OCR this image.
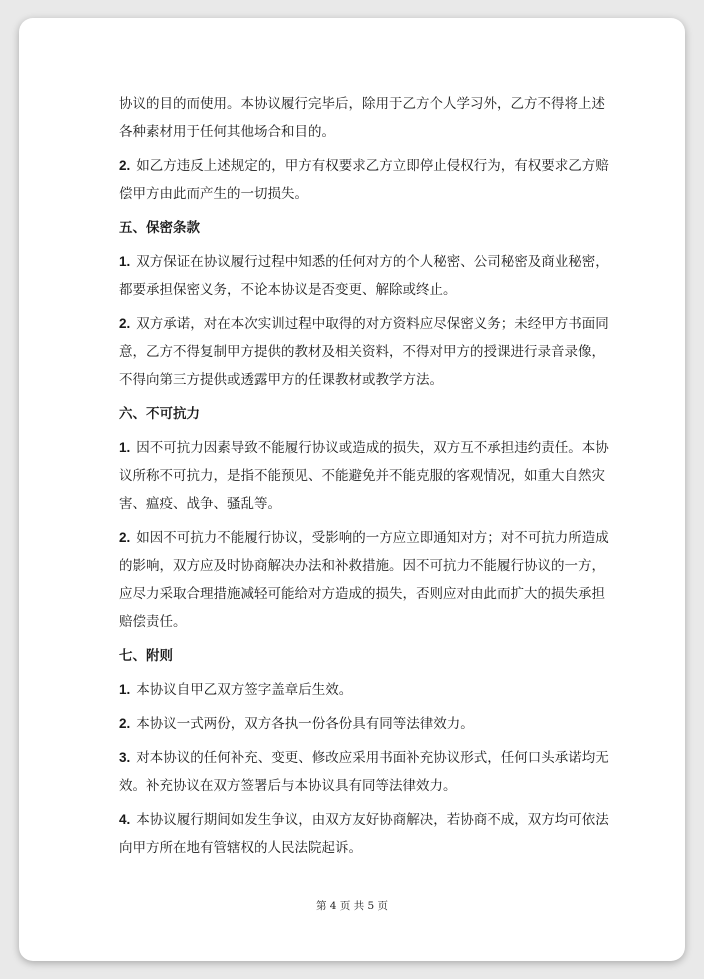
协议的目的而使用。本协议履行完毕后，除用于乙方个人学习外，乙方不得将上述各种素材用于任何其他场合和目的。
2. 如乙方违反上述规定的，甲方有权要求乙方立即停止侵权行为，有权要求乙方赔偿甲方由此而产生的一切损失。
五、保密条款
1. 双方保证在协议履行过程中知悉的任何对方的个人秘密、公司秘密及商业秘密，都要承担保密义务，不论本协议是否变更、解除或终止。
2. 双方承诺，对在本次实训过程中取得的对方资料应尽保密义务；未经甲方书面同意，乙方不得复制甲方提供的教材及相关资料，不得对甲方的授课进行录音录像，不得向第三方提供或透露甲方的任课教材或教学方法。
六、不可抗力
1. 因不可抗力因素导致不能履行协议或造成的损失，双方互不承担违约责任。本协议所称不可抗力，是指不能预见、不能避免并不能克服的客观情况，如重大自然灾害、瘟疫、战争、骚乱等。
2. 如因不可抗力不能履行协议，受影响的一方应立即通知对方；对不可抗力所造成的影响，双方应及时协商解决办法和补救措施。因不可抗力不能履行协议的一方，应尽力采取合理措施减轻可能给对方造成的损失，否则应对由此而扩大的损失承担赔偿责任。
七、附则
1. 本协议自甲乙双方签字盖章后生效。
2. 本协议一式两份，双方各执一份各份具有同等法律效力。
3. 对本协议的任何补充、变更、修改应采用书面补充协议形式，任何口头承诺均无效。补充协议在双方签署后与本协议具有同等法律效力。
4. 本协议履行期间如发生争议，由双方友好协商解决，若协商不成，双方均可依法向甲方所在地有管辖权的人民法院起诉。
第 4 页 共 5 页
